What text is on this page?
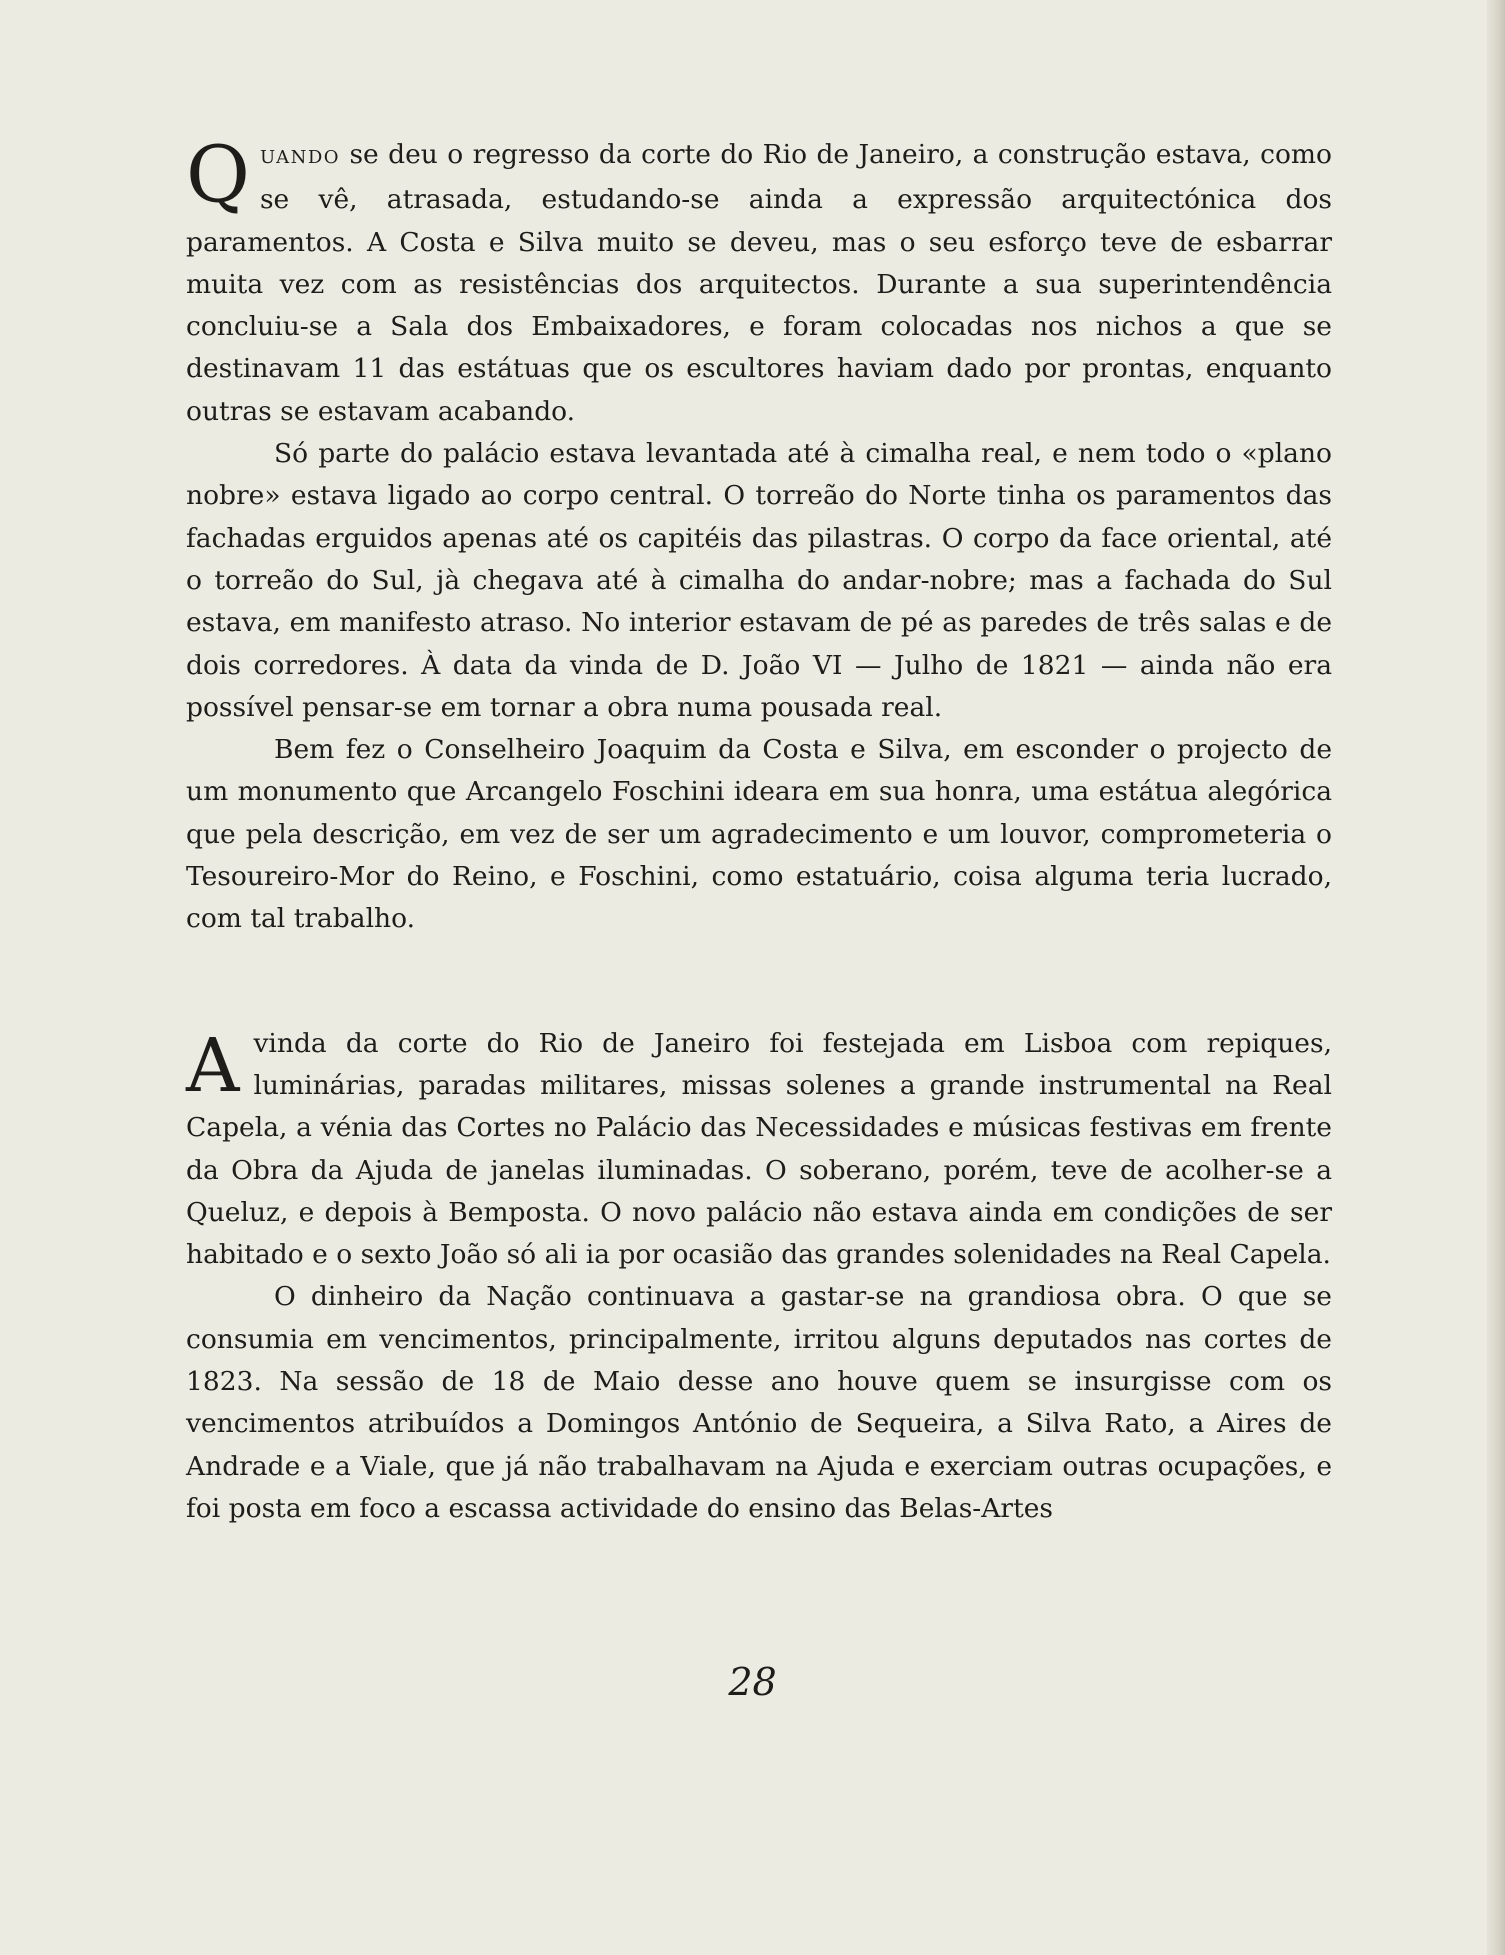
QUANDO se deu o regresso da corte do Rio de Janeiro, a construção estava, como se vê, atrasada, estudando-se ainda a expressão arquitectónica dos paramentos. A Costa e Silva muito se deveu, mas o seu esforço teve de esbarrar muita vez com as resistências dos arquitectos. Durante a sua superintendência concluiu-se a Sala dos Embaixadores, e foram colocadas nos nichos a que se destinavam 11 das estátuas que os escultores haviam dado por prontas, enquanto outras se estavam acabando.

Só parte do palácio estava levantada até à cimalha real, e nem todo o «plano nobre» estava ligado ao corpo central. O torreão do Norte tinha os paramentos das fachadas erguidos apenas até os capitéis das pilastras. O corpo da face oriental, até o torreão do Sul, jà chegava até à cimalha do andar-nobre; mas a fachada do Sul estava, em manifesto atraso. No interior estavam de pé as paredes de três salas e de dois corredores. À data da vinda de D. João VI — Julho de 1821 — ainda não era possível pensar-se em tornar a obra numa pousada real.

Bem fez o Conselheiro Joaquim da Costa e Silva, em esconder o projecto de um monumento que Arcangelo Foschini ideara em sua honra, uma estátua alegórica que pela descrição, em vez de ser um agradecimento e um louvor, comprometeria o Tesoureiro-Mor do Reino, e Foschini, como estatuário, coisa alguma teria lucrado, com tal trabalho.

Avinda da corte do Rio de Janeiro foi festejada em Lisboa com repiques, luminárias, paradas militares, missas solenes a grande instrumental na Real Capela, a vénia das Cortes no Palácio das Necessidades e músicas festivas em frente da Obra da Ajuda de janelas iluminadas. O soberano, porém, teve de acolher-se a Queluz, e depois à Bemposta. O novo palácio não estava ainda em condições de ser habitado e o sexto João só ali ia por ocasião das grandes solenidades na Real Capela.

O dinheiro da Nação continuava a gastar-se na grandiosa obra. O que se consumia em vencimentos, principalmente, irritou alguns deputados nas cortes de 1823. Na sessão de 18 de Maio desse ano houve quem se insurgisse com os vencimentos atribuídos a Domingos António de Sequeira, a Silva Rato, a Aires de Andrade e a Viale, que já não trabalhavam na Ajuda e exerciam outras ocupações, e foi posta em foco a escassa actividade do ensino das Belas-Artes

28
